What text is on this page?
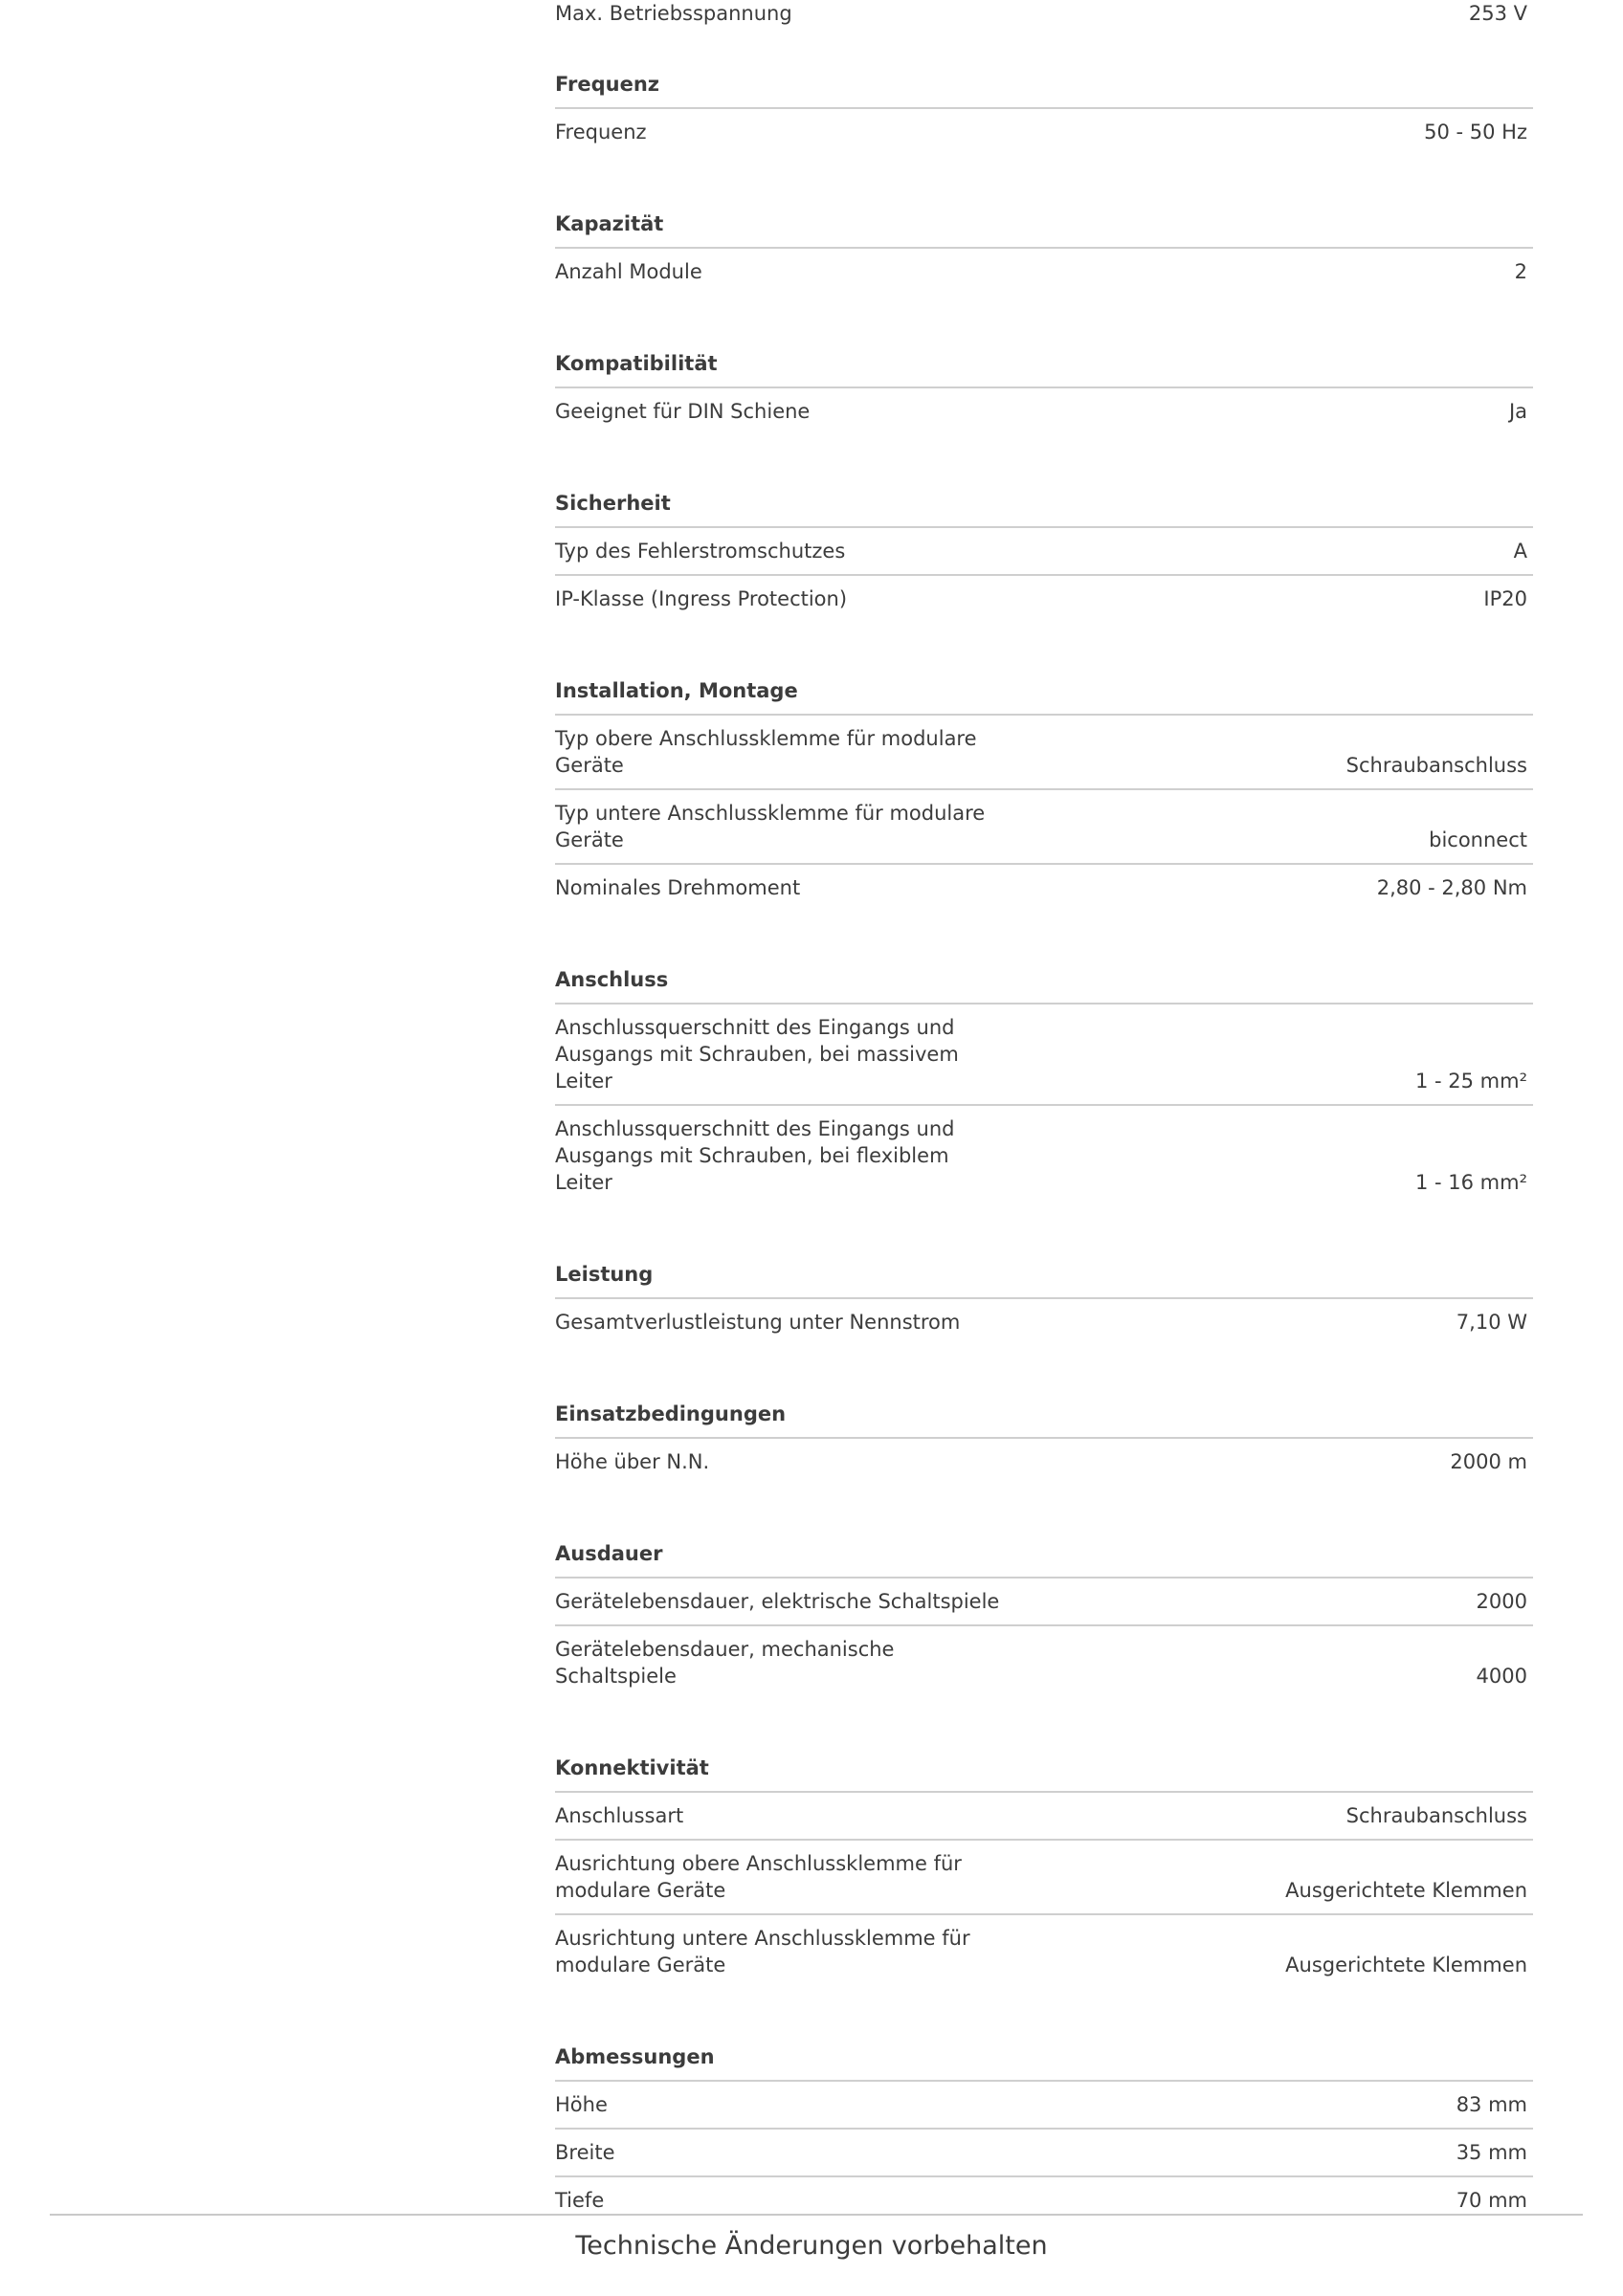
Max. Betriebsspannung	253 V
Frequenz
Frequenz	50 - 50 Hz
Kapazität
Anzahl Module	2
Kompatibilität
Geeignet für DIN Schiene	Ja
Sicherheit
Typ des Fehlerstromschutzes	A
IP-Klasse (Ingress Protection)	IP20
Installation, Montage
Typ obere Anschlussklemme für modulare
Geräte	Schraubanschluss
Typ untere Anschlussklemme für modulare
Geräte	biconnect
Nominales Drehmoment	2,80 - 2,80 Nm
Anschluss
Anschlussquerschnitt des Eingangs und
Ausgangs mit Schrauben, bei massivem
Leiter	1 - 25 mm²
Anschlussquerschnitt des Eingangs und
Ausgangs mit Schrauben, bei flexiblem
Leiter	1 - 16 mm²
Leistung
Gesamtverlustleistung unter Nennstrom	7,10 W
Einsatzbedingungen
Höhe über N.N.	2000 m
Ausdauer
Gerätelebensdauer, elektrische Schaltspiele	2000
Gerätelebensdauer, mechanische
Schaltspiele	4000
Konnektivität
Anschlussart	Schraubanschluss
Ausrichtung obere Anschlussklemme für
modulare Geräte	Ausgerichtete Klemmen
Ausrichtung untere Anschlussklemme für
modulare Geräte	Ausgerichtete Klemmen
Abmessungen
Höhe	83 mm
Breite	35 mm
Tiefe	70 mm
Technische Änderungen vorbehalten
